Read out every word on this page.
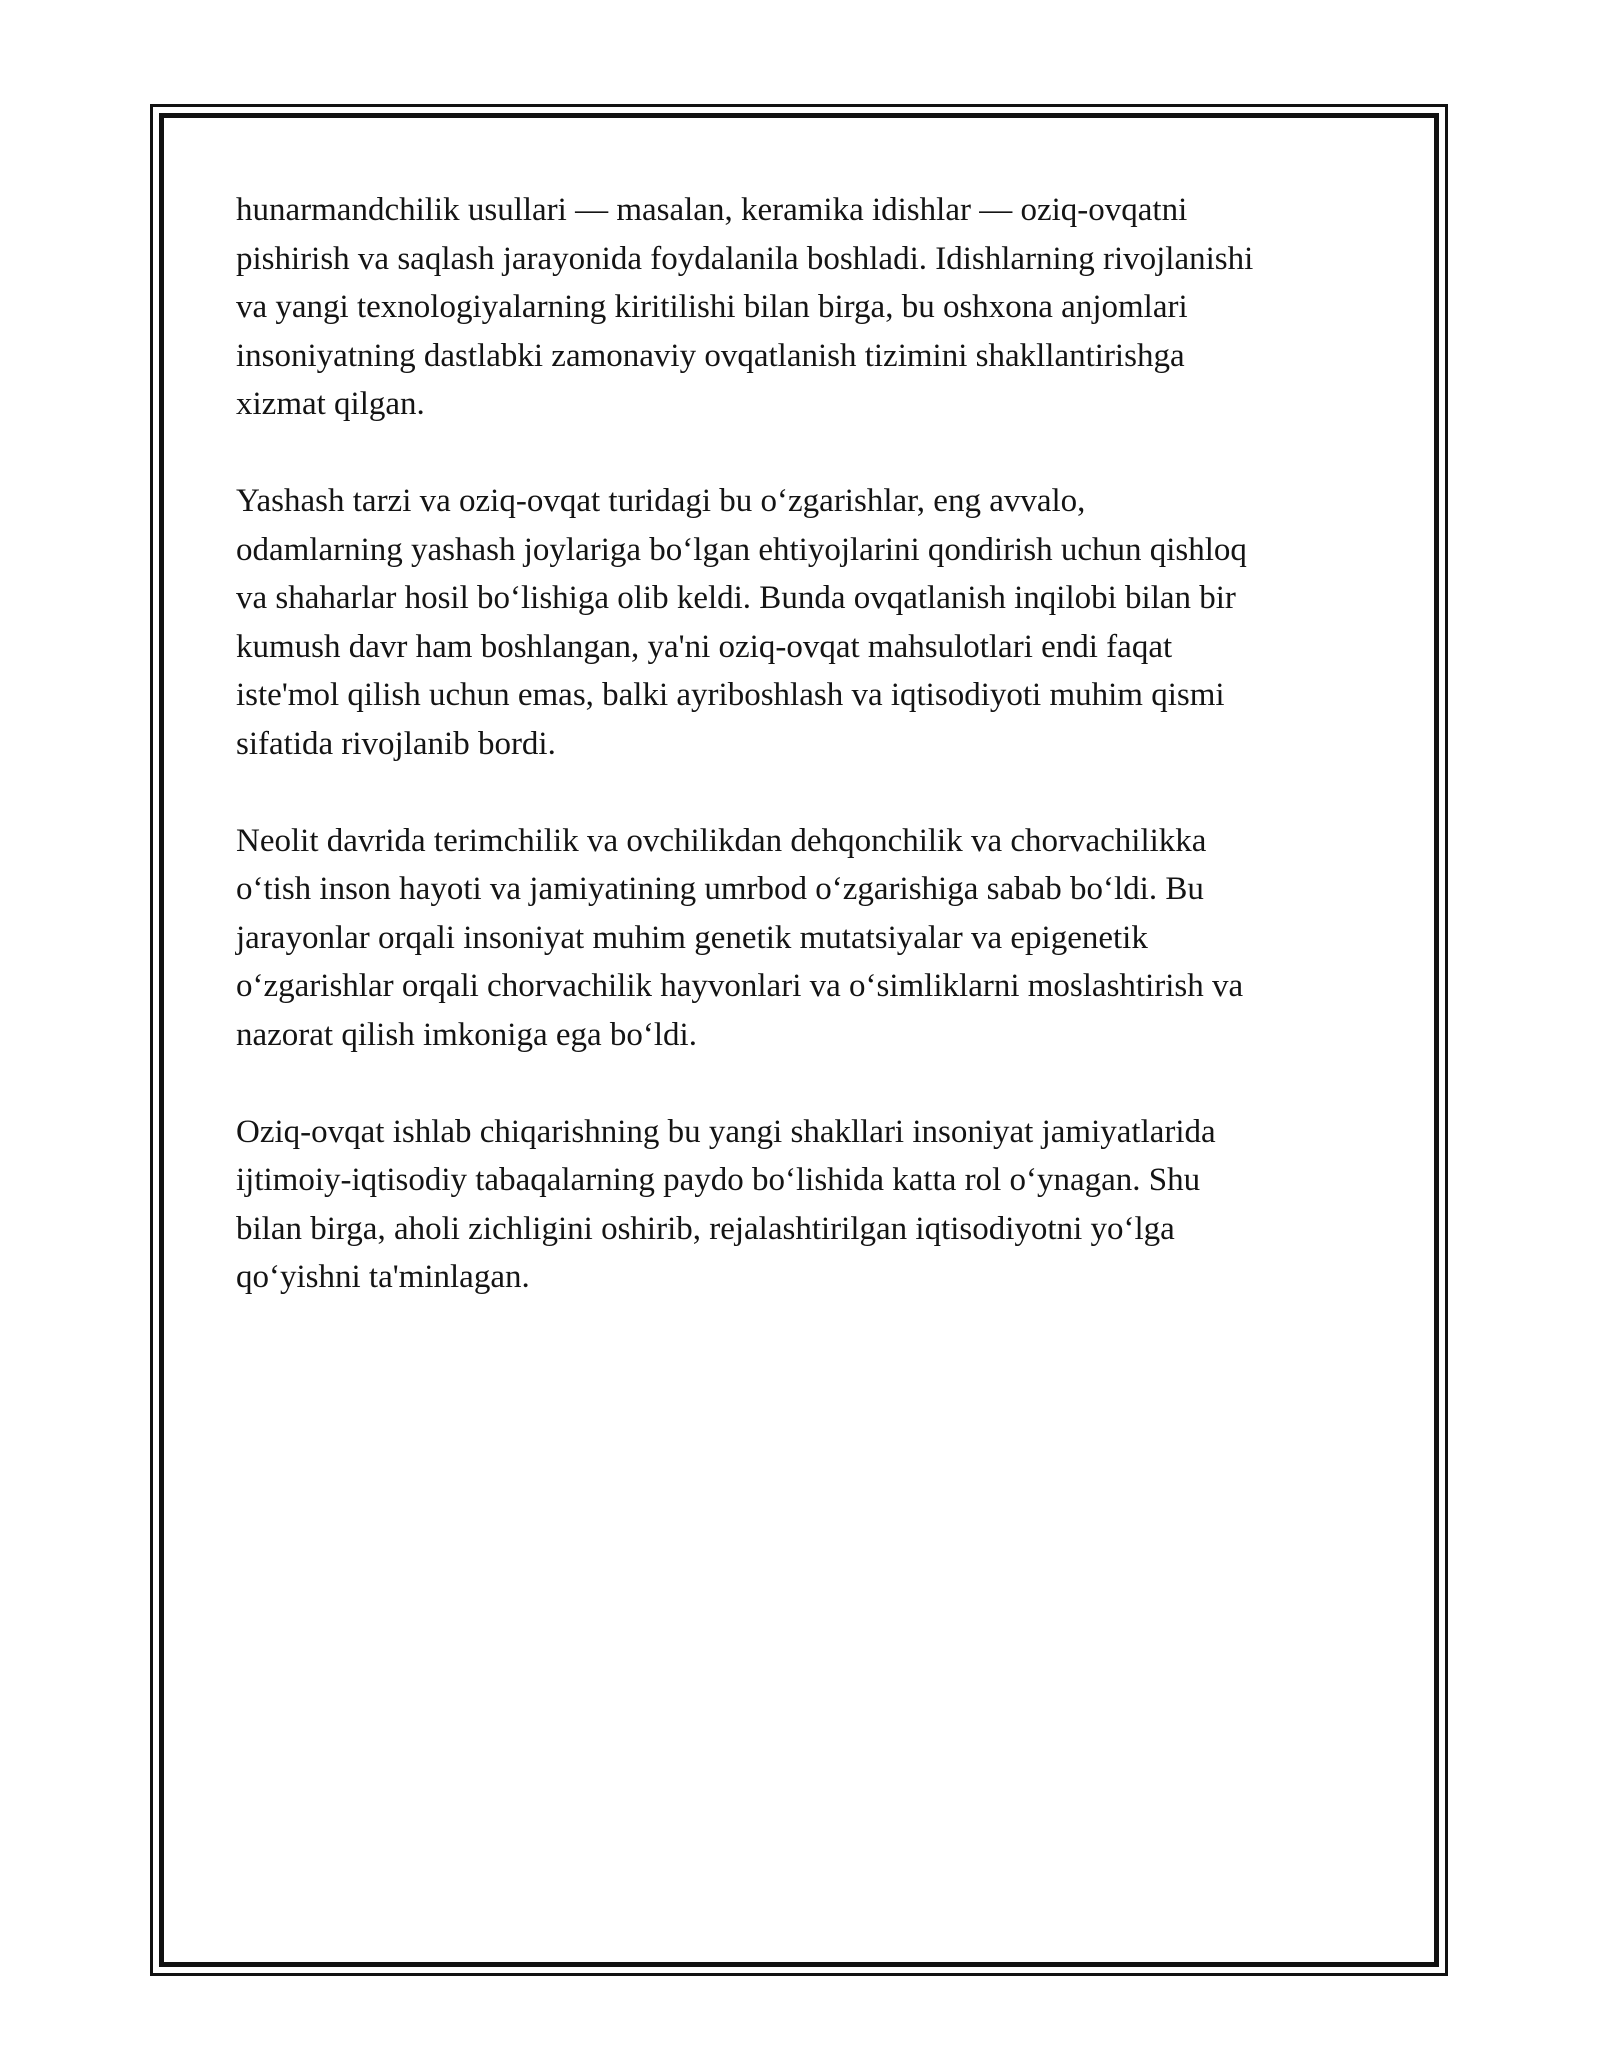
hunarmandchilik usullari — masalan, keramika idishlar — oziq-ovqatni
pishirish va saqlash jarayonida foydalanila boshladi. Idishlarning rivojlanishi
va yangi texnologiyalarning kiritilishi bilan birga, bu oshxona anjomlari
insoniyatning dastlabki zamonaviy ovqatlanish tizimini shakllantirishga
xizmat qilgan.

Yashash tarzi va oziq-ovqat turidagi bu o‘zgarishlar, eng avvalo,
odamlarning yashash joylariga bo‘lgan ehtiyojlarini qondirish uchun qishloq
va shaharlar hosil bo‘lishiga olib keldi. Bunda ovqatlanish inqilobi bilan bir
kumush davr ham boshlangan, ya'ni oziq-ovqat mahsulotlari endi faqat
iste'mol qilish uchun emas, balki ayriboshlash va iqtisodiyoti muhim qismi
sifatida rivojlanib bordi.

Neolit davrida terimchilik va ovchilikdan dehqonchilik va chorvachilikka
o‘tish inson hayoti va jamiyatining umrbod o‘zgarishiga sabab bo‘ldi. Bu
jarayonlar orqali insoniyat muhim genetik mutatsiyalar va epigenetik
o‘zgarishlar orqali chorvachilik hayvonlari va o‘simliklarni moslashtirish va
nazorat qilish imkoniga ega bo‘ldi.

Oziq-ovqat ishlab chiqarishning bu yangi shakllari insoniyat jamiyatlarida
ijtimoiy-iqtisodiy tabaqalarning paydo bo‘lishida katta rol o‘ynagan. Shu
bilan birga, aholi zichligini oshirib, rejalashtirilgan iqtisodiyotni yo‘lga
qo‘yishni ta'minlagan.
